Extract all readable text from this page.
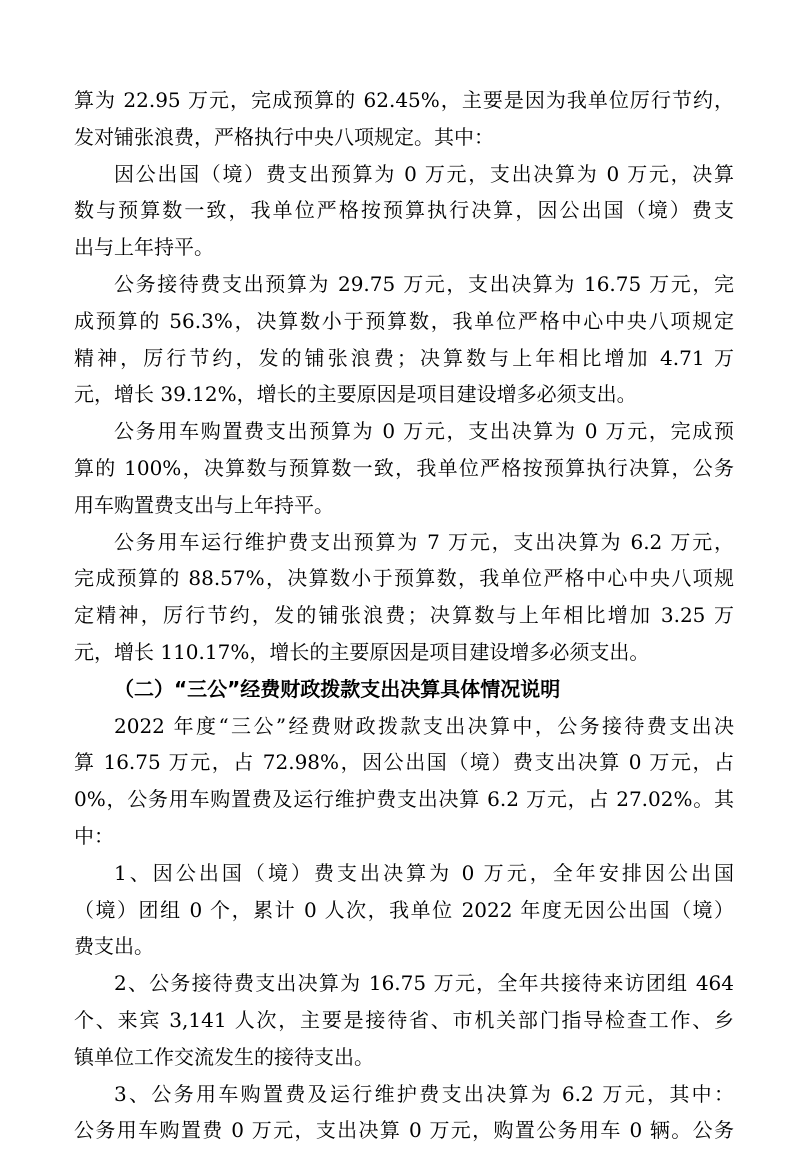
算为 22.95 万元，完成预算的 62.45%，主要是因为我单位厉行节约，
发对铺张浪费，严格执行中央八项规定。其中：
因公出国（境）费支出预算为 0 万元，支出决算为 0 万元，决算
数与预算数一致，我单位严格按预算执行决算，因公出国（境）费支
出与上年持平。
公务接待费支出预算为 29.75 万元，支出决算为 16.75 万元，完
成预算的 56.3%，决算数小于预算数，我单位严格中心中央八项规定
精神，厉行节约，发的铺张浪费；决算数与上年相比增加 4.71 万
元，增长 39.12%，增长的主要原因是项目建设增多必须支出。
公务用车购置费支出预算为 0 万元，支出决算为 0 万元，完成预
算的 100%，决算数与预算数一致，我单位严格按预算执行决算，公务
用车购置费支出与上年持平。
公务用车运行维护费支出预算为 7 万元，支出决算为 6.2 万元，
完成预算的 88.57%，决算数小于预算数，我单位严格中心中央八项规
定精神，厉行节约，发的铺张浪费；决算数与上年相比增加 3.25 万
元，增长 110.17%，增长的主要原因是项目建设增多必须支出。
（二）“三公”经费财政拨款支出决算具体情况说明
2022 年度“三公”经费财政拨款支出决算中，公务接待费支出决
算 16.75 万元，占 72.98%，因公出国（境）费支出决算 0 万元，占
0%，公务用车购置费及运行维护费支出决算 6.2 万元，占 27.02%。其
中：
1、因公出国（境）费支出决算为 0 万元，全年安排因公出国
（境）团组 0 个，累计 0 人次，我单位 2022 年度无因公出国（境）
费支出。
2、公务接待费支出决算为 16.75 万元，全年共接待来访团组 464
个、来宾 3,141 人次，主要是接待省、市机关部门指导检查工作、乡
镇单位工作交流发生的接待支出。
3、公务用车购置费及运行维护费支出决算为 6.2 万元，其中：
公务用车购置费 0 万元，支出决算 0 万元，购置公务用车 0 辆。公务
